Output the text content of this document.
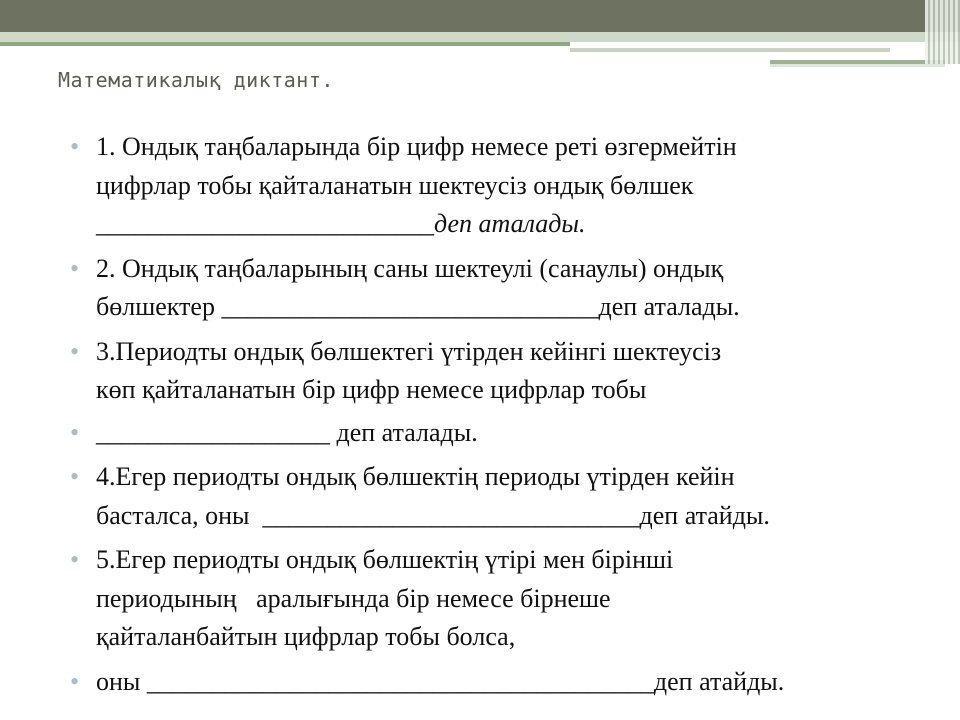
Математикалық диктант.
• 1. Ондық таңбаларында бір цифр немесе реті өзгермейтін
цифрлар тобы қайталанатын шектеусіз ондық бөлшек
__________________________деп аталады.
• 2. Ондық таңбаларының саны шектеулі (санаулы) ондық
бөлшектер _____________________________деп аталады.
• 3.Периодты ондық бөлшектегі үтірден кейінгі шектеусіз
көп қайталанатын бір цифр немесе цифрлар тобы
• __________________ деп аталады.
• 4.Егер периодты ондық бөлшектің периоды үтірден кейін
басталса, оны  _____________________________деп атайды.
• 5.Егер периодты ондық бөлшектің үтірі мен бірінші
периодының   аралығында бір немесе бірнеше
қайталанбайтын цифрлар тобы болса,
• оны _______________________________________деп атайды.
